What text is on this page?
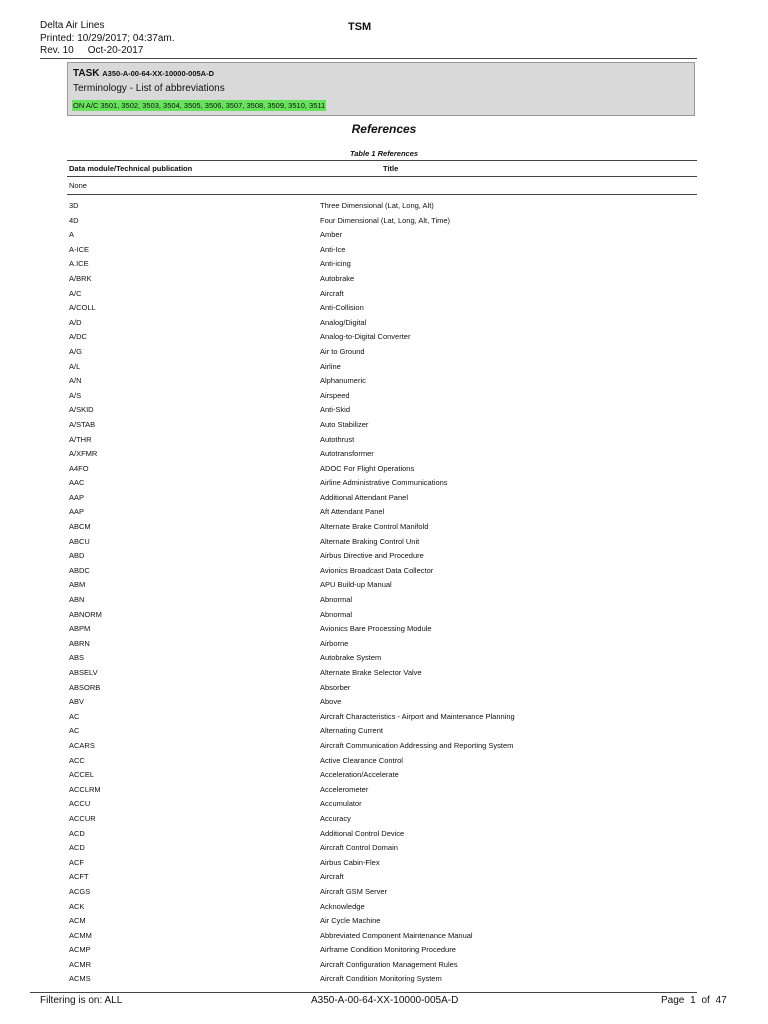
Delta Air Lines
Printed: 10/29/2017; 04:37am.
Rev. 10 Oct-20-2017
TSM
TASK A350-A-00-64-XX-10000-005A-D
Terminology - List of abbreviations
ON A/C 3501, 3502, 3503, 3504, 3505, 3506, 3507, 3508, 3509, 3510, 3511
References
Table 1 References
Data module/Technical publication	Title
None
3D	Three Dimensional (Lat, Long, Alt)
4D	Four Dimensional (Lat, Long, Alt, Time)
A	Amber
A-ICE	Anti-Ice
A.ICE	Anti-icing
A/BRK	Autobrake
A/C	Aircraft
A/COLL	Anti-Collision
A/D	Analog/Digital
A/DC	Analog-to-Digital Converter
A/G	Air to Ground
A/L	Airline
A/N	Alphanumeric
A/S	Airspeed
A/SKID	Anti-Skid
A/STAB	Auto Stabilizer
A/THR	Autothrust
A/XFMR	Autotransformer
A4FO	ADOC For Flight Operations
AAC	Airline Administrative Communications
AAP	Additional Attendant Panel
AAP	Aft Attendant Panel
ABCM	Alternate Brake Control Manifold
ABCU	Alternate Braking Control Unit
ABD	Airbus Directive and Procedure
ABDC	Avionics Broadcast Data Collector
ABM	APU Build-up Manual
ABN	Abnormal
ABNORM	Abnormal
ABPM	Avionics Bare Processing Module
ABRN	Airborne
ABS	Autobrake System
ABSELV	Alternate Brake Selector Valve
ABSORB	Absorber
ABV	Above
AC	Aircraft Characteristics - Airport and Maintenance Planning
AC	Alternating Current
ACARS	Aircraft Communication Addressing and Reporting System
ACC	Active Clearance Control
ACCEL	Acceleration/Accelerate
ACCLRM	Accelerometer
ACCU	Accumulator
ACCUR	Accuracy
ACD	Additional Control Device
ACD	Aircraft Control Domain
ACF	Airbus Cabin-Flex
ACFT	Aircraft
ACGS	Aircraft GSM Server
ACK	Acknowledge
ACM	Air Cycle Machine
ACMM	Abbreviated Component Maintenance Manual
ACMP	Airframe Condition Monitoring Procedure
ACMR	Aircraft Configuration Management Rules
ACMS	Aircraft Condition Monitoring System
Filtering is on: ALL	A350-A-00-64-XX-10000-005A-D	Page 1 of 47
